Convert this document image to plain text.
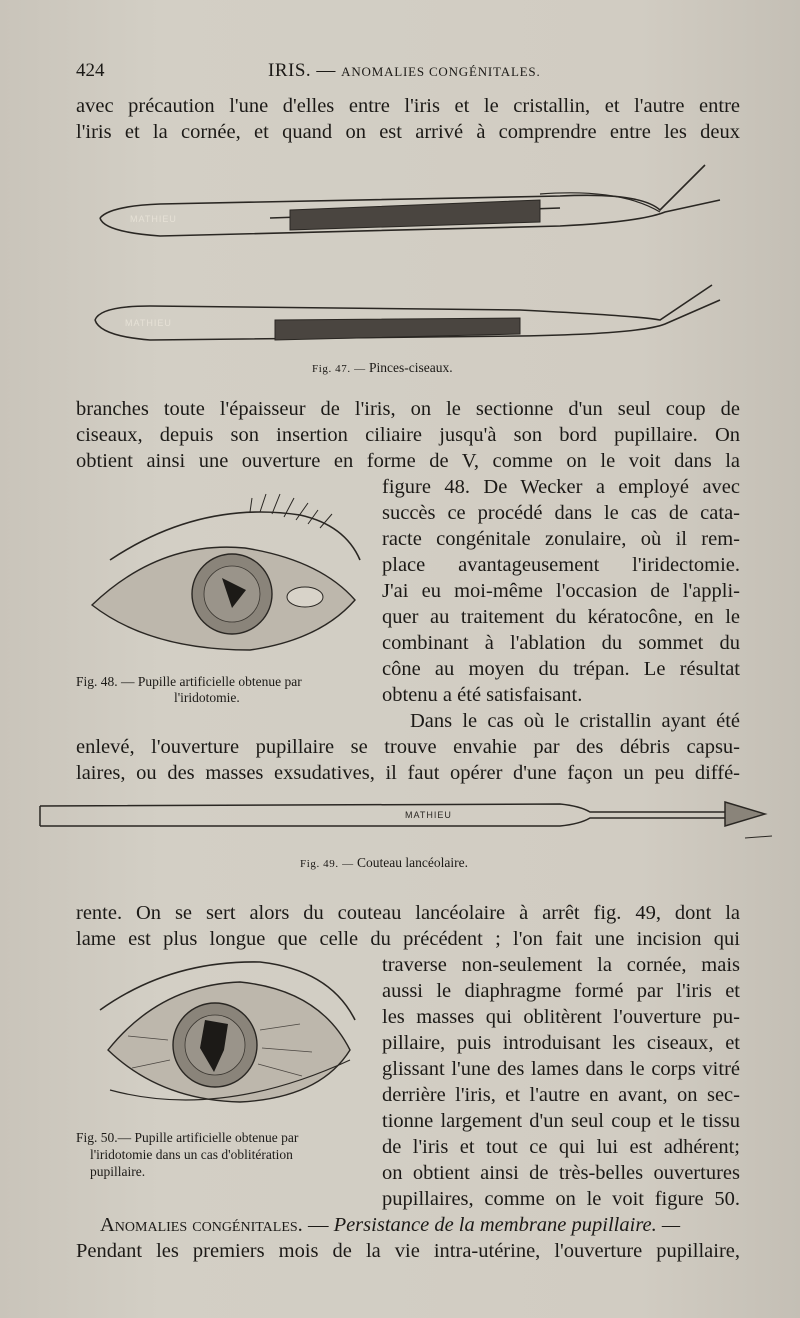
424	IRIS. — ANOMALIES CONGÉNITALES.
avec précaution l'une d'elles entre l'iris et le cristallin, et l'autre entre
l'iris et la cornée, et quand on est arrivé à comprendre entre les deux
MATHIEU
MATHIEU
Fig. 47. — Pinces-ciseaux.
branches toute l'épaisseur de l'iris, on le sectionne d'un seul coup de
ciseaux, depuis son insertion ciliaire jusqu'à son bord pupillaire. On
obtient ainsi une ouverture en forme de V, comme on le voit dans la
Fig. 48. — Pupille artificielle obtenue par
l'iridotomie.
figure 48. De Wecker a employé avec
succès ce procédé dans le cas de cata-
racte congénitale zonulaire, où il rem-
place avantageusement l'iridectomie.
J'ai eu moi-même l'occasion de l'appli-
quer au traitement du kératocône, en le
combinant à l'ablation du sommet du
cône au moyen du trépan. Le résultat
obtenu a été satisfaisant.
Dans le cas où le cristallin ayant été
enlevé, l'ouverture pupillaire se trouve envahie par des débris capsu-
laires, ou des masses exsudatives, il faut opérer d'une façon un peu diffé-
MATHIEU
Fig. 49. — Couteau lancéolaire.
rente. On se sert alors du couteau lancéolaire à arrêt fig. 49, dont la
lame est plus longue que celle du précédent ; l'on fait une incision qui
Fig. 50.— Pupille artificielle obtenue par
l'iridotomie dans un cas d'oblitération
pupillaire.
traverse non-seulement la cornée, mais
aussi le diaphragme formé par l'iris et
les masses qui oblitèrent l'ouverture pu-
pillaire, puis introduisant les ciseaux, et
glissant l'une des lames dans le corps vitré
derrière l'iris, et l'autre en avant, on sec-
tionne largement d'un seul coup et le tissu
de l'iris et tout ce qui lui est adhérent;
on obtient ainsi de très-belles ouvertures
pupillaires, comme on le voit figure 50.
Anomalies congénitales. — Persistance de la membrane pupillaire. —
Pendant les premiers mois de la vie intra-utérine, l'ouverture pupillaire,
